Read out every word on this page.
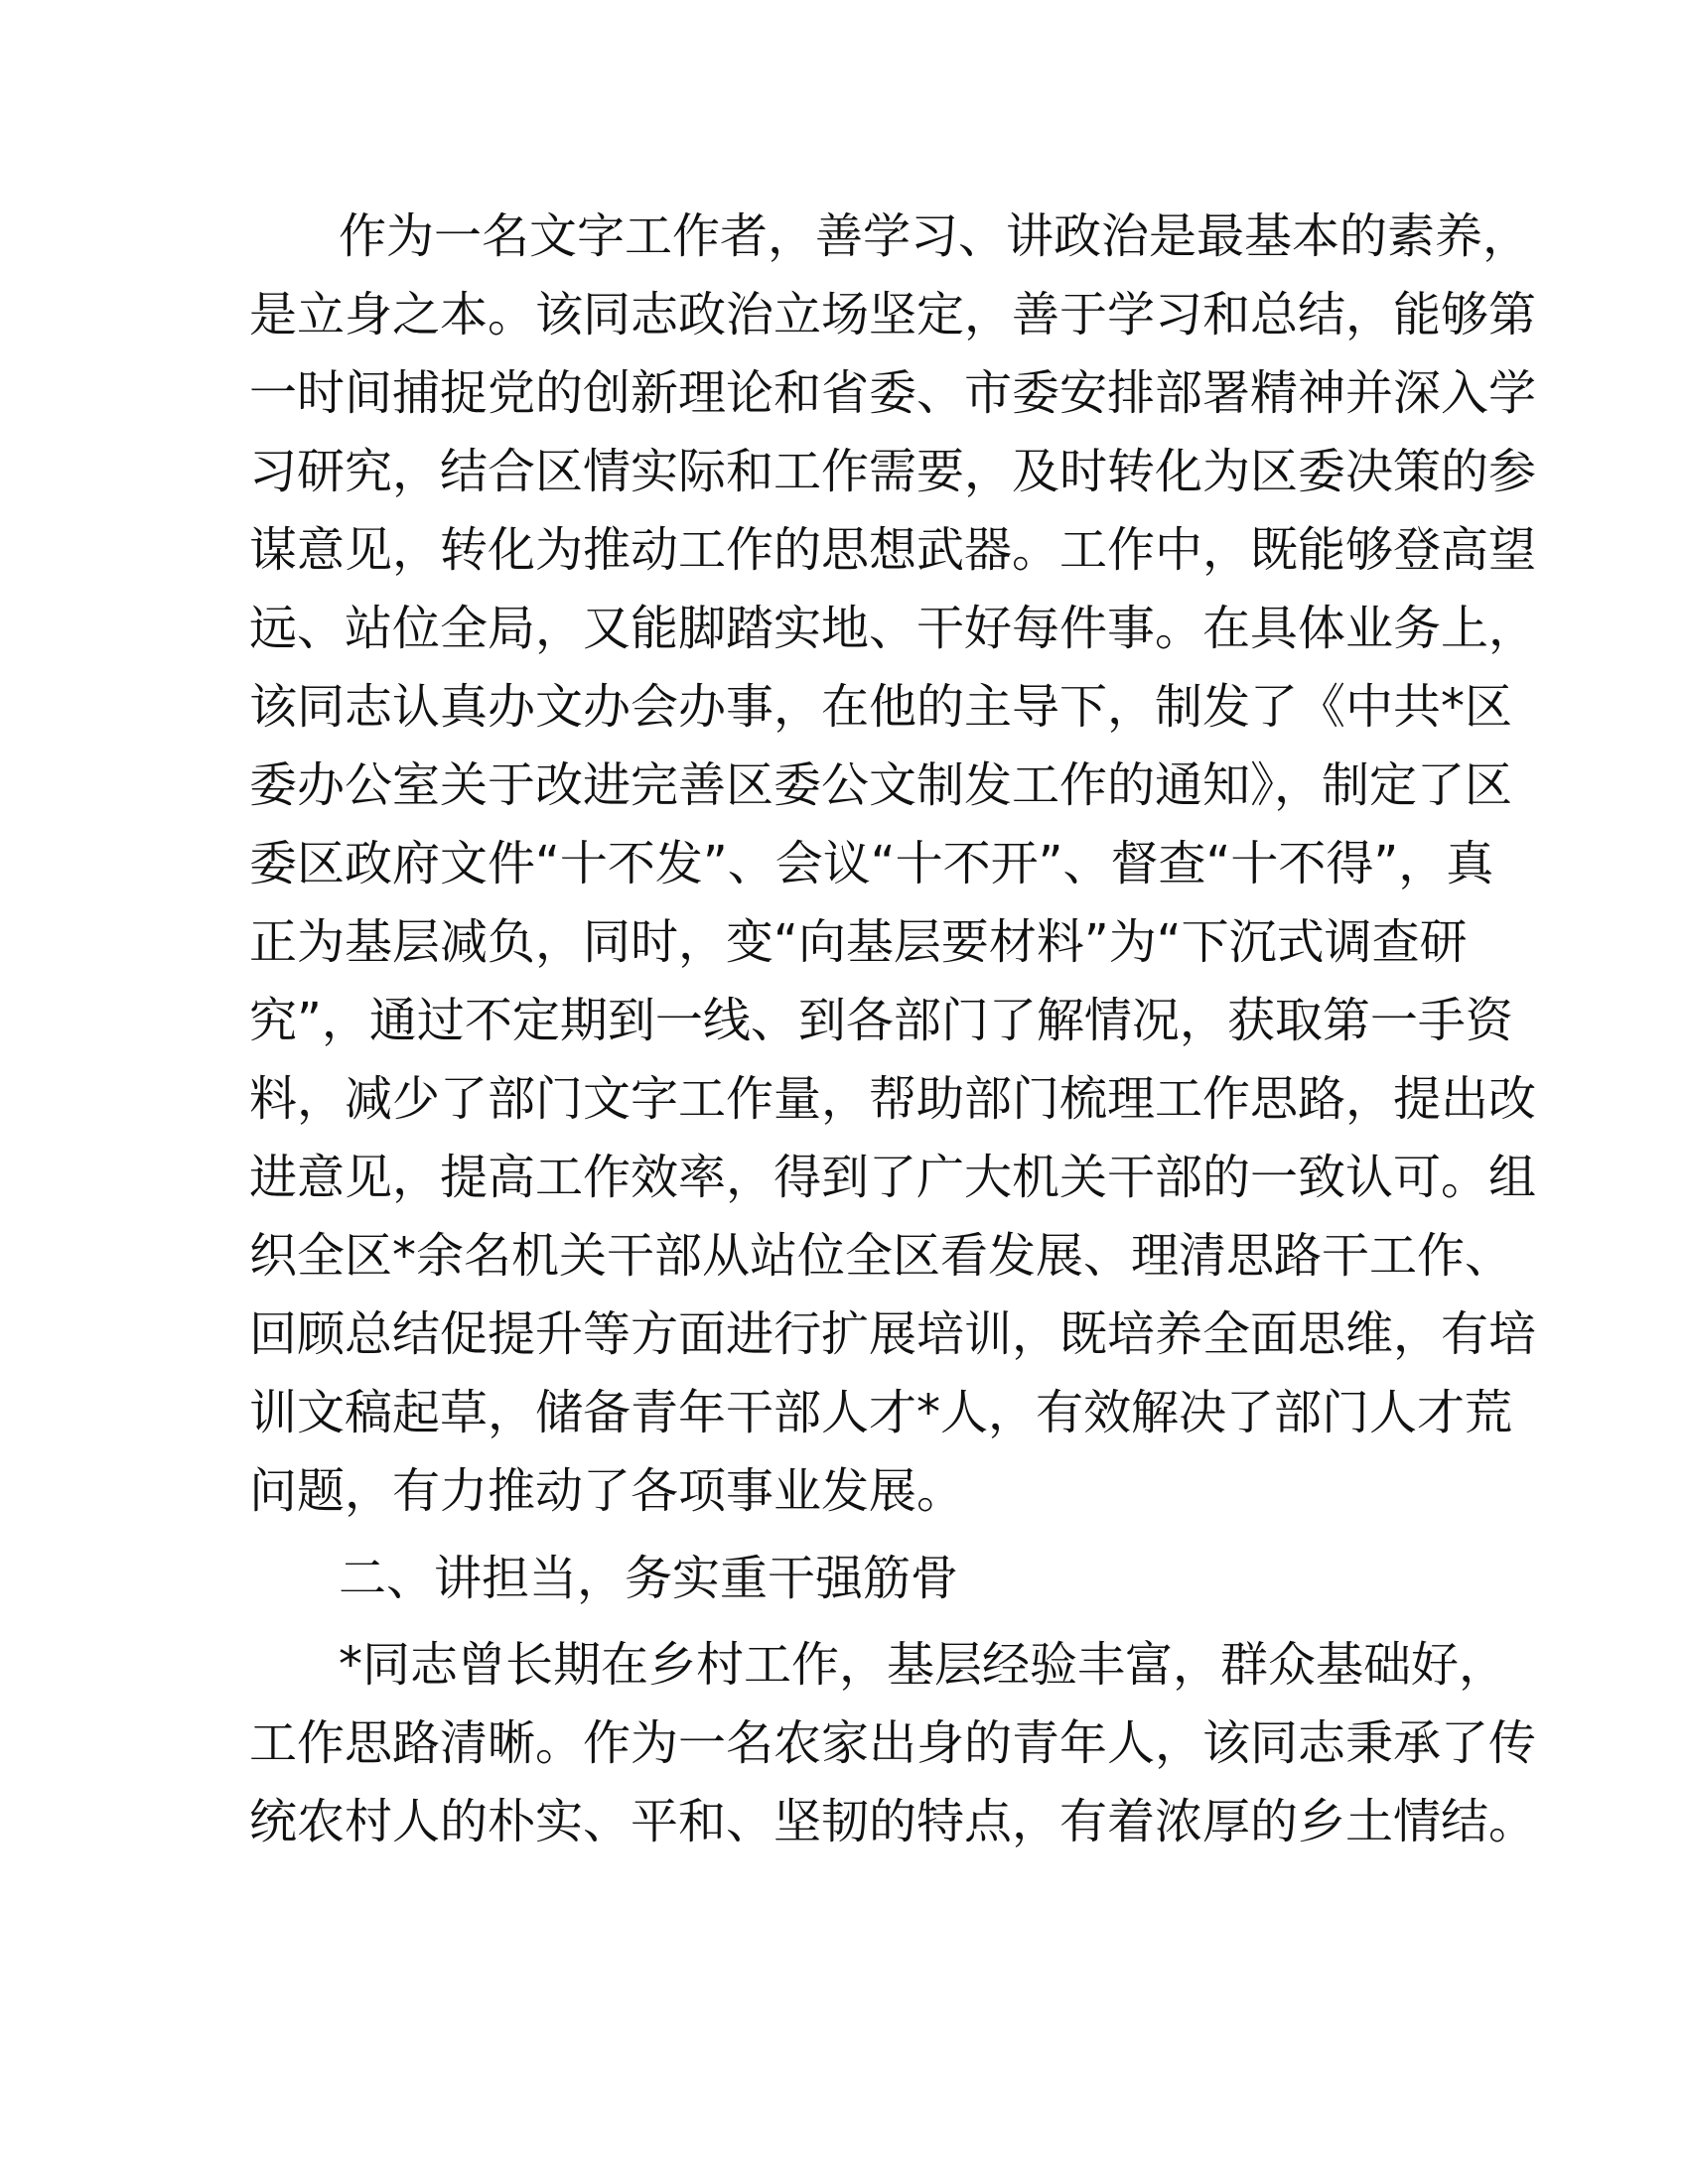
作为一名文字工作者，善学习、讲政治是最基本的素养，
是立身之本。该同志政治立场坚定，善于学习和总结，能够第
一时间捕捉党的创新理论和省委、市委安排部署精神并深入学
习研究，结合区情实际和工作需要，及时转化为区委决策的参
谋意见，转化为推动工作的思想武器。工作中，既能够登高望
远、站位全局，又能脚踏实地、干好每件事。在具体业务上，
该同志认真办文办会办事，在他的主导下，制发了《中共*区
委办公室关于改进完善区委公文制发工作的通知》，制定了区
委区政府文件“十不发”、会议“十不开”、督查“十不得”，真
正为基层减负，同时，变“向基层要材料”为“下沉式调查研
究”，通过不定期到一线、到各部门了解情况，获取第一手资
料，减少了部门文字工作量，帮助部门梳理工作思路，提出改
进意见，提高工作效率，得到了广大机关干部的一致认可。组
织全区*余名机关干部从站位全区看发展、理清思路干工作、
回顾总结促提升等方面进行扩展培训，既培养全面思维，有培
训文稿起草，储备青年干部人才*人，有效解决了部门人才荒
问题，有力推动了各项事业发展。
二、讲担当，务实重干强筋骨
*同志曾长期在乡村工作，基层经验丰富，群众基础好，
工作思路清晰。作为一名农家出身的青年人，该同志秉承了传
统农村人的朴实、平和、坚韧的特点，有着浓厚的乡土情结。
